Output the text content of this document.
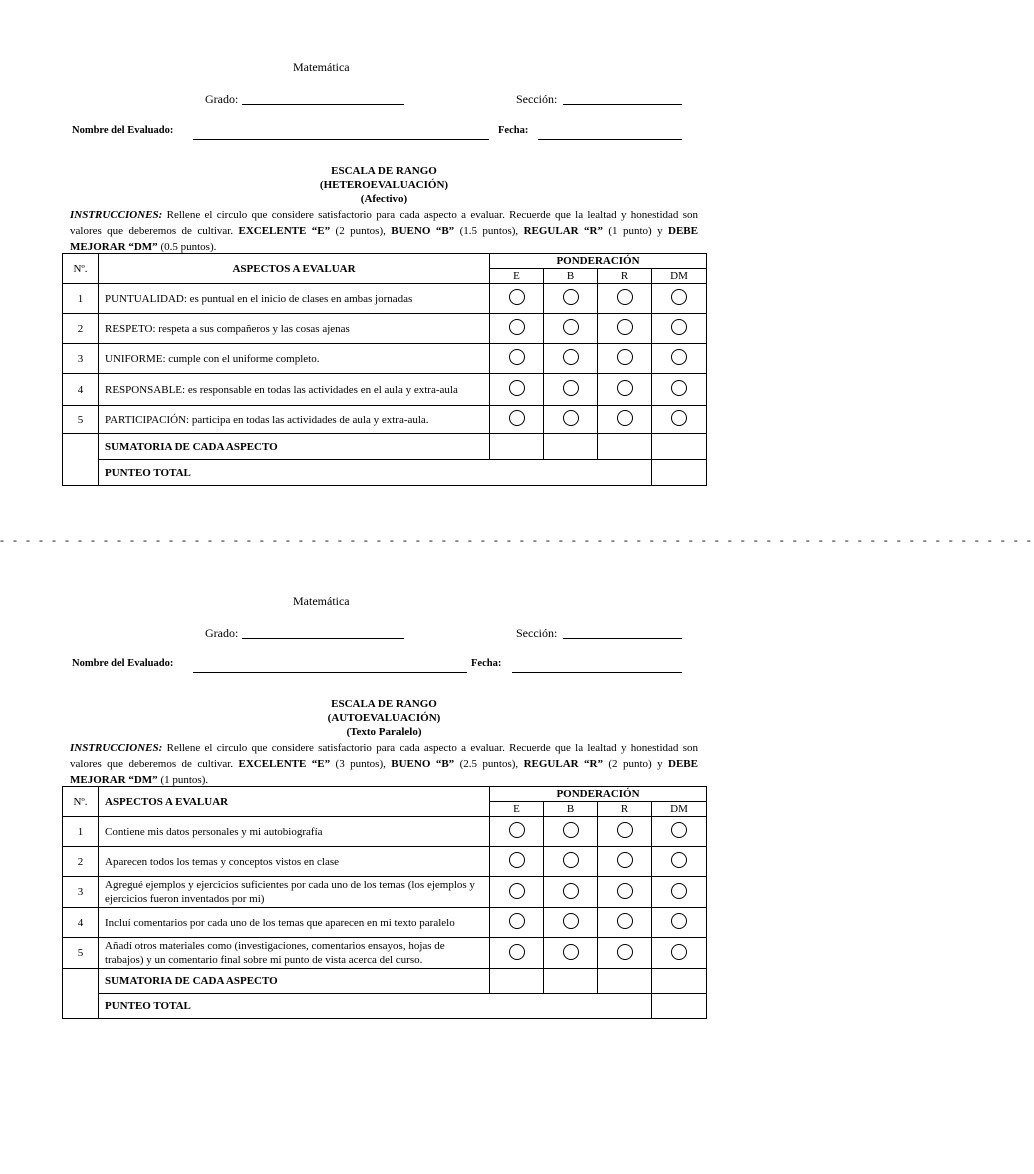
Matemática
Grado:	Sección:
Nombre del Evaluado:	Fecha:
ESCALA DE RANGO
(HETEROEVALUACIÓN)
(Afectivo)
INSTRUCCIONES: Rellene el circulo que considere satisfactorio para cada aspecto a evaluar. Recuerde que la lealtad y honestidad son valores que deberemos de cultivar. EXCELENTE “E” (2 puntos), BUENO “B” (1.5 puntos), REGULAR “R” (1 punto) y DEBE MEJORAR “DM” (0.5 puntos).
Nº.	ASPECTOS A EVALUAR	PONDERACIÓN			
		E	B	R	DM
1	PUNTUALIDAD: es puntual en el inicio de clases en ambas jornadas				
2	RESPETO: respeta a sus compañeros y las cosas ajenas				
3	UNIFORME: cumple con el uniforme completo.				
4	RESPONSABLE: es responsable en todas las actividades en el aula y extra-aula				
5	PARTICIPACIÓN: participa en todas las actividades de aula y extra-aula.				
	SUMATORIA DE CADA ASPECTO				
	PUNTEO TOTAL				
- - - - - - - - - - - - - - - - - - - - - - - - - - - - - - - - - - - - - - - - - - - - - - - - - - - - - - - - - - - - - - - - - - - - - - - - - - - - - - - -
Matemática
Grado:	Sección:
Nombre del Evaluado:	Fecha:
ESCALA DE RANGO
(AUTOEVALUACIÓN)
(Texto Paralelo)
INSTRUCCIONES: Rellene el circulo que considere satisfactorio para cada aspecto a evaluar. Recuerde que la lealtad y honestidad son valores que deberemos de cultivar. EXCELENTE “E” (3 puntos), BUENO “B” (2.5 puntos), REGULAR “R” (2 punto) y DEBE MEJORAR “DM” (1 puntos).
Nº.	ASPECTOS A EVALUAR	PONDERACIÓN			
		E	B	R	DM
1	Contiene mis datos personales y mi autobiografía				
2	Aparecen todos los temas y conceptos vistos en clase				
3	Agregué ejemplos y ejercicios suficientes por cada uno de los temas (los ejemplos y ejercicios fueron inventados por mi)				
4	Incluí comentarios por cada uno de los temas que aparecen en mi texto paralelo				
5	Añadí otros materiales como (investigaciones, comentarios ensayos, hojas de trabajos) y un comentario final sobre mi punto de vista acerca del curso.				
	SUMATORIA DE CADA ASPECTO				
	PUNTEO TOTAL				
